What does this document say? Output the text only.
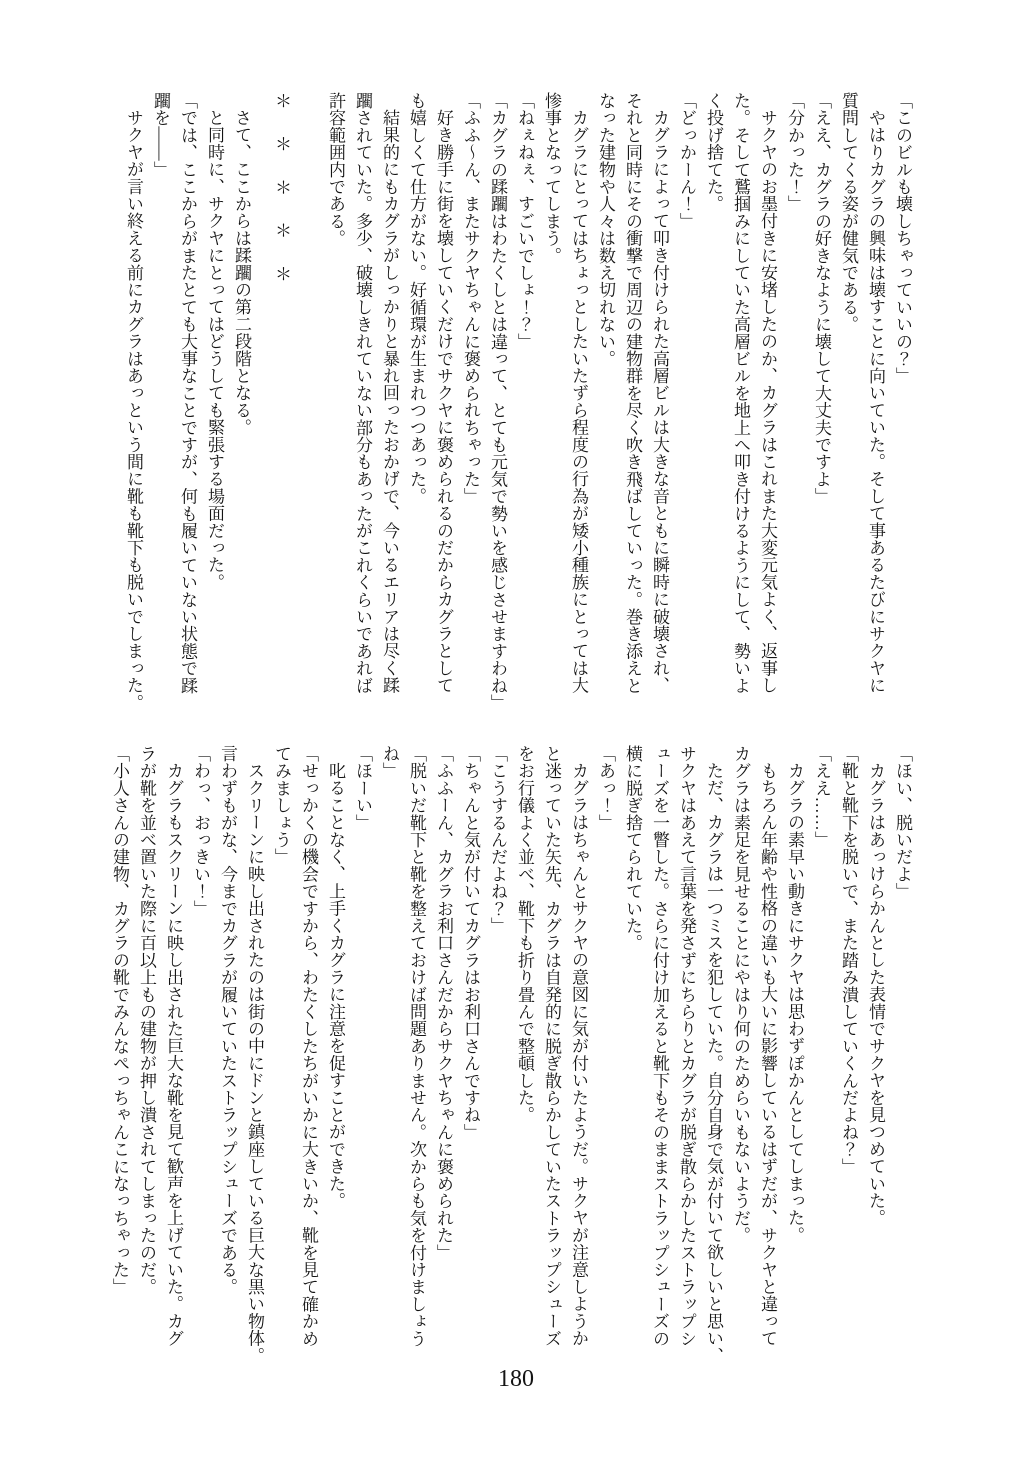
「このビルも壊しちゃっていいの？」

やはりカグラの興味は壊すことに向いていた。そして事あるたびにサクヤに

質問してくる姿が健気である。

「ええ、カグラの好きなように壊して大丈夫ですよ」

「分かった！」

サクヤのお墨付きに安堵したのか、カグラはこれまた大変元気よく、返事し

た。そして鷲掴みにしていた高層ビルを地上へ叩き付けるようにして、勢いよ

く投げ捨てた。

「どっかーん！」

カグラによって叩き付けられた高層ビルは大きな音ともに瞬時に破壊され、

それと同時にその衝撃で周辺の建物群を尽く吹き飛ばしていった。巻き添えと

なった建物や人々は数え切れない。

カグラにとってはちょっとしたいたずら程度の行為が矮小種族にとっては大

惨事となってしまう。

「ねぇねぇ、すごいでしょ！？」

「カグラの蹂躙はわたくしとは違って、とても元気で勢いを感じさせますわね」

「ふふ〜ん、またサクヤちゃんに褒められちゃった」

好き勝手に街を壊していくだけでサクヤに褒められるのだからカグラとして

も嬉しくて仕方がない。好循環が生まれつつあった。

結果的にもカグラがしっかりと暴れ回ったおかげで、今いるエリアは尽く蹂

躙されていた。多少、破壊しきれていない部分もあったがこれくらいであれば

許容範囲内である。

＊ ＊ ＊ ＊ ＊

さて、ここからは蹂躙の第二段階となる。

と同時に、サクヤにとってはどうしても緊張する場面だった。

「では、ここからがまたとても大事なことですが、何も履いていない状態で蹂

躙を――」

サクヤが言い終える前にカグラはあっという間に靴も靴下も脱いでしまった。

「ほい、脱いだよ」

カグラはあっけらかんとした表情でサクヤを見つめていた。

「靴と靴下を脱いで、また踏み潰していくんだよね？」

「ええ……」

カグラの素早い動きにサクヤは思わずぽかんとしてしまった。

もちろん年齢や性格の違いも大いに影響しているはずだが、サクヤと違って

カグラは素足を見せることにやはり何のためらいもないようだ。

ただ、カグラは一つミスを犯していた。自分自身で気が付いて欲しいと思い、

サクヤはあえて言葉を発さずにちらりとカグラが脱ぎ散らかしたストラップシ

ューズを一瞥した。さらに付け加えると靴下もそのままストラップシューズの

横に脱ぎ捨てられていた。

「あっ！」

カグラはちゃんとサクヤの意図に気が付いたようだ。サクヤが注意しようか

と迷っていた矢先、カグラは自発的に脱ぎ散らかしていたストラップシューズ

をお行儀よく並べ、靴下も折り畳んで整頓した。

「こうするんだよね？」

「ちゃんと気が付いてカグラはお利口さんですね」

「ふふーん、カグラお利口さんだからサクヤちゃんに褒められた」

「脱いだ靴下と靴を整えておけば問題ありません。次からも気を付けましょう

ね」

「ほーい」

叱ることなく、上手くカグラに注意を促すことができた。

「せっかくの機会ですから、わたくしたちがいかに大きいか、靴を見て確かめ

てみましょう」

スクリーンに映し出されたのは街の中にドンと鎮座している巨大な黒い物体。

言わずもがな、今までカグラが履いていたストラップシューズである。

「わっ、おっきい！」

カグラもスクリーンに映し出された巨大な靴を見て歓声を上げていた。カグ

ラが靴を並べ置いた際に百以上もの建物が押し潰されてしまったのだ。

「小人さんの建物、カグラの靴でみんなぺっちゃんこになっちゃった」

180
